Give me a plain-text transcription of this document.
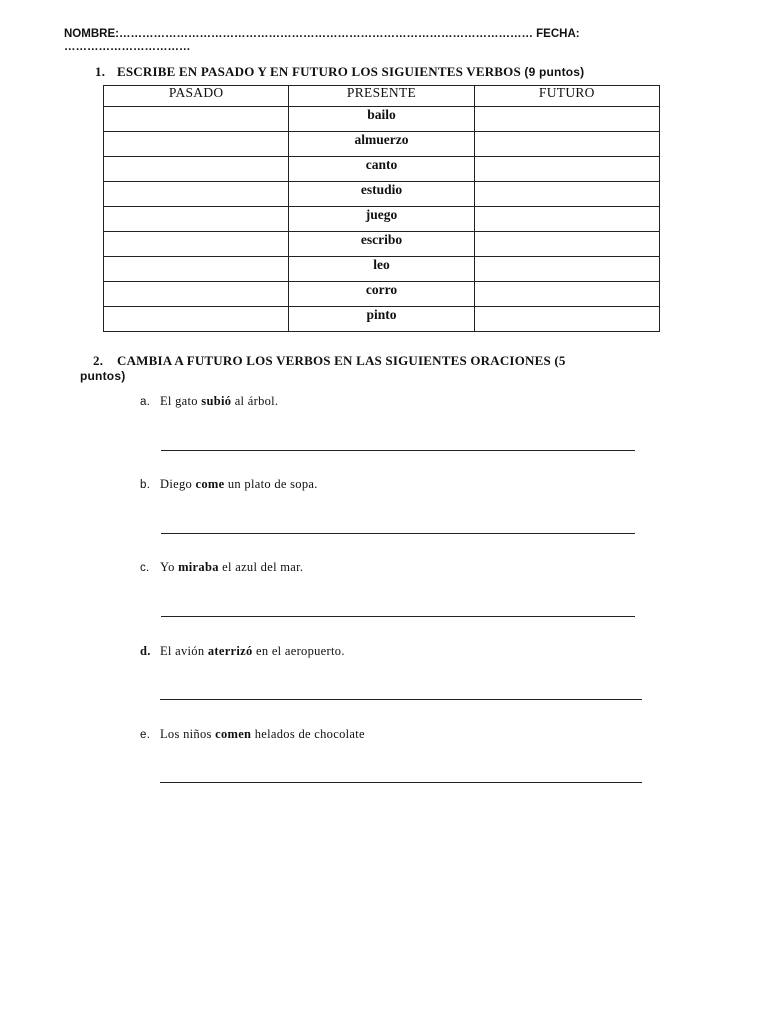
NOMBRE:……………………………………………………………………………………………… FECHA:
……………………………
1. ESCRIBE EN PASADO Y EN FUTURO LOS SIGUIENTES VERBOS (9 puntos)
PASADO	PRESENTE	FUTURO
	bailo	
	almuerzo	
	canto	
	estudio	
	juego	
	escribo	
	leo	
	corro	
	pinto	
2. CAMBIA A FUTURO LOS VERBOS EN LAS SIGUIENTES ORACIONES (5
puntos)
a. El gato subió al árbol.
b. Diego come un plato de sopa.
c. Yo miraba el azul del mar.
d. El avión aterrizó en el aeropuerto.
e. Los niños comen helados de chocolate
